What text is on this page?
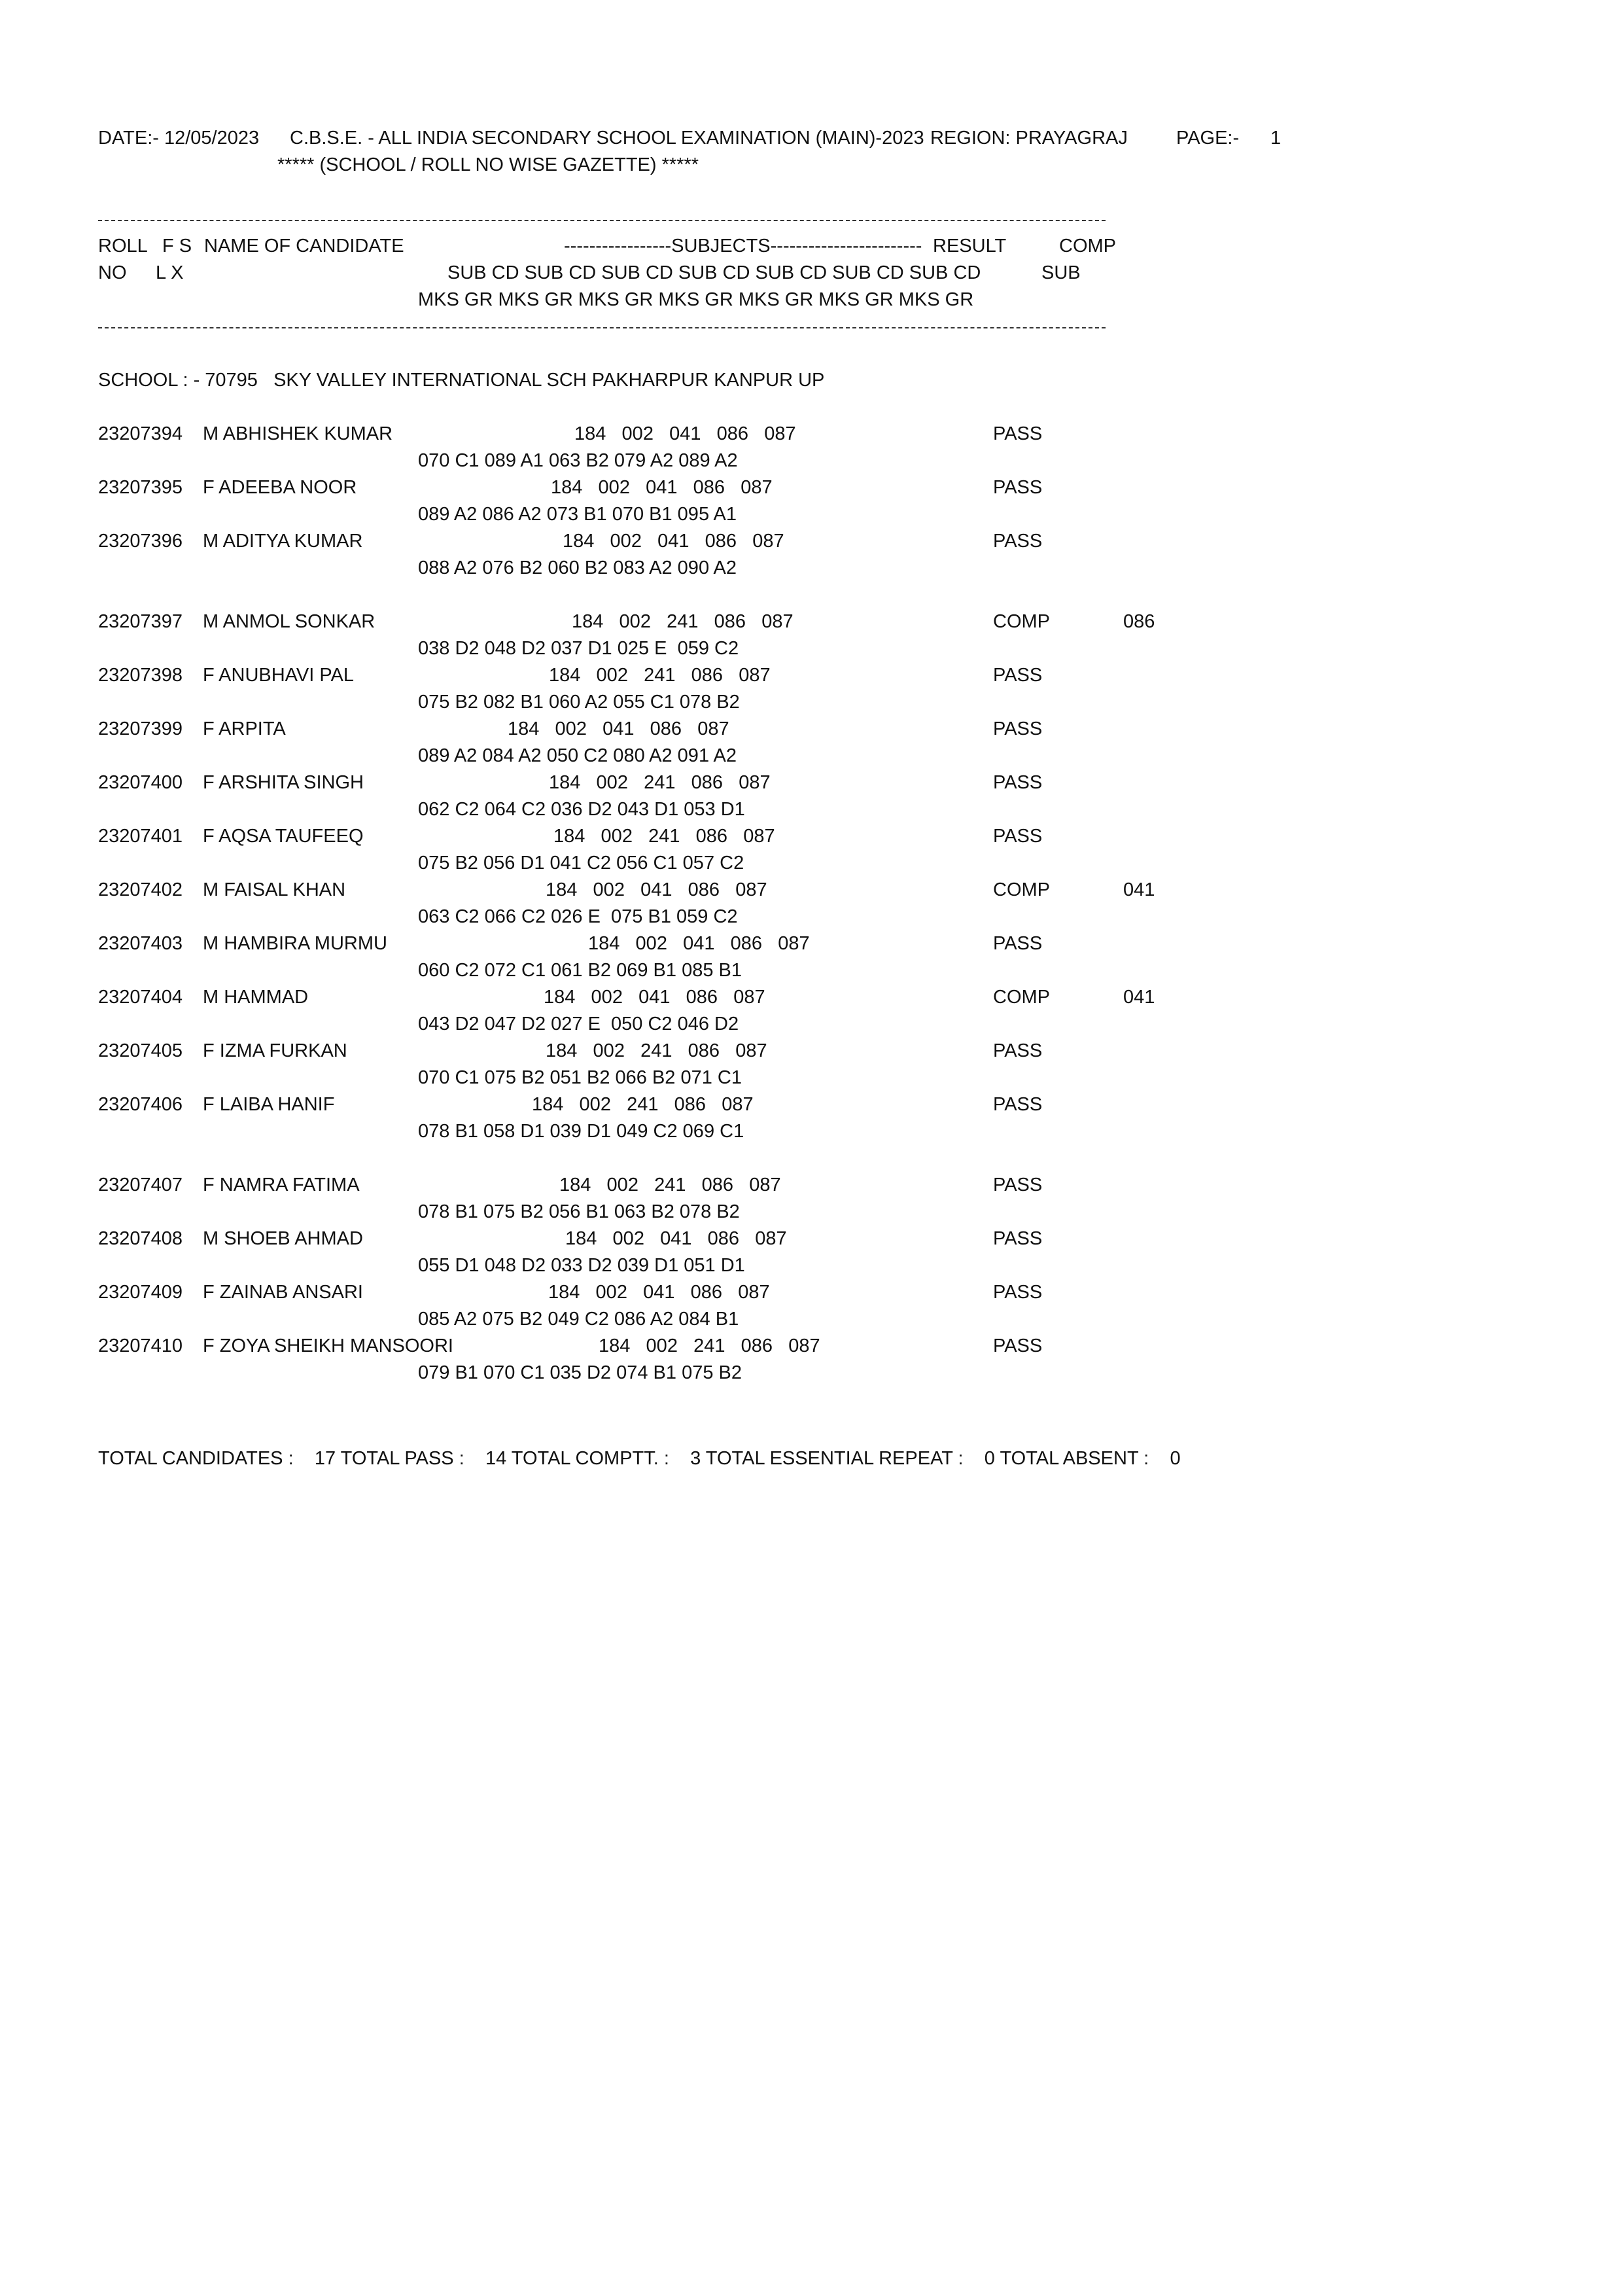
DATE:- 12/05/2023 C.B.S.E. - ALL INDIA SECONDARY SCHOOL EXAMINATION (MAIN)-2023 REGION: PRAYAGRAJ	PAGE:- 1
***** (SCHOOL / ROLL NO WISE GAZETTE) *****
ROLL F S NAME OF CANDIDATE	-----------------SUBJECTS------------------------ RESULT	COMP
NO L X	SUB CD SUB CD SUB CD SUB CD SUB CD SUB CD SUB CD	SUB
MKS GR MKS GR MKS GR MKS GR MKS GR MKS GR MKS GR
SCHOOL : - 70795   SKY VALLEY INTERNATIONAL SCH PAKHARPUR KANPUR UP
23207394 M ABHISHEK KUMAR	184   002   041   086   087	PASS
070 C1 089 A1 063 B2 079 A2 089 A2
23207395 F ADEEBA NOOR	184   002   041   086   087	PASS
089 A2 086 A2 073 B1 070 B1 095 A1
23207396 M ADITYA KUMAR	184   002   041   086   087	PASS
088 A2 076 B2 060 B2 083 A2 090 A2
23207397 M ANMOL SONKAR	184   002   241   086   087	COMP	086
038 D2 048 D2 037 D1 025 E  059 C2
23207398 F ANUBHAVI PAL	184   002   241   086   087	PASS
075 B2 082 B1 060 A2 055 C1 078 B2
23207399 F ARPITA	184   002   041   086   087	PASS
089 A2 084 A2 050 C2 080 A2 091 A2
23207400 F ARSHITA SINGH	184   002   241   086   087	PASS
062 C2 064 C2 036 D2 043 D1 053 D1
23207401 F AQSA TAUFEEQ	184   002   241   086   087	PASS
075 B2 056 D1 041 C2 056 C1 057 C2
23207402 M FAISAL KHAN	184   002   041   086   087	COMP	041
063 C2 066 C2 026 E  075 B1 059 C2
23207403 M HAMBIRA MURMU	184   002   041   086   087	PASS
060 C2 072 C1 061 B2 069 B1 085 B1
23207404 M HAMMAD	184   002   041   086   087	COMP	041
043 D2 047 D2 027 E  050 C2 046 D2
23207405 F IZMA FURKAN	184   002   241   086   087	PASS
070 C1 075 B2 051 B2 066 B2 071 C1
23207406 F LAIBA HANIF	184   002   241   086   087	PASS
078 B1 058 D1 039 D1 049 C2 069 C1
23207407 F NAMRA FATIMA	184   002   241   086   087	PASS
078 B1 075 B2 056 B1 063 B2 078 B2
23207408 M SHOEB AHMAD	184   002   041   086   087	PASS
055 D1 048 D2 033 D2 039 D1 051 D1
23207409 F ZAINAB ANSARI	184   002   041   086   087	PASS
085 A2 075 B2 049 C2 086 A2 084 B1
23207410 F ZOYA SHEIKH MANSOORI	184   002   241   086   087	PASS
079 B1 070 C1 035 D2 074 B1 075 B2
TOTAL CANDIDATES :    17 TOTAL PASS :    14 TOTAL COMPTT. :    3 TOTAL ESSENTIAL REPEAT :    0 TOTAL ABSENT :    0
